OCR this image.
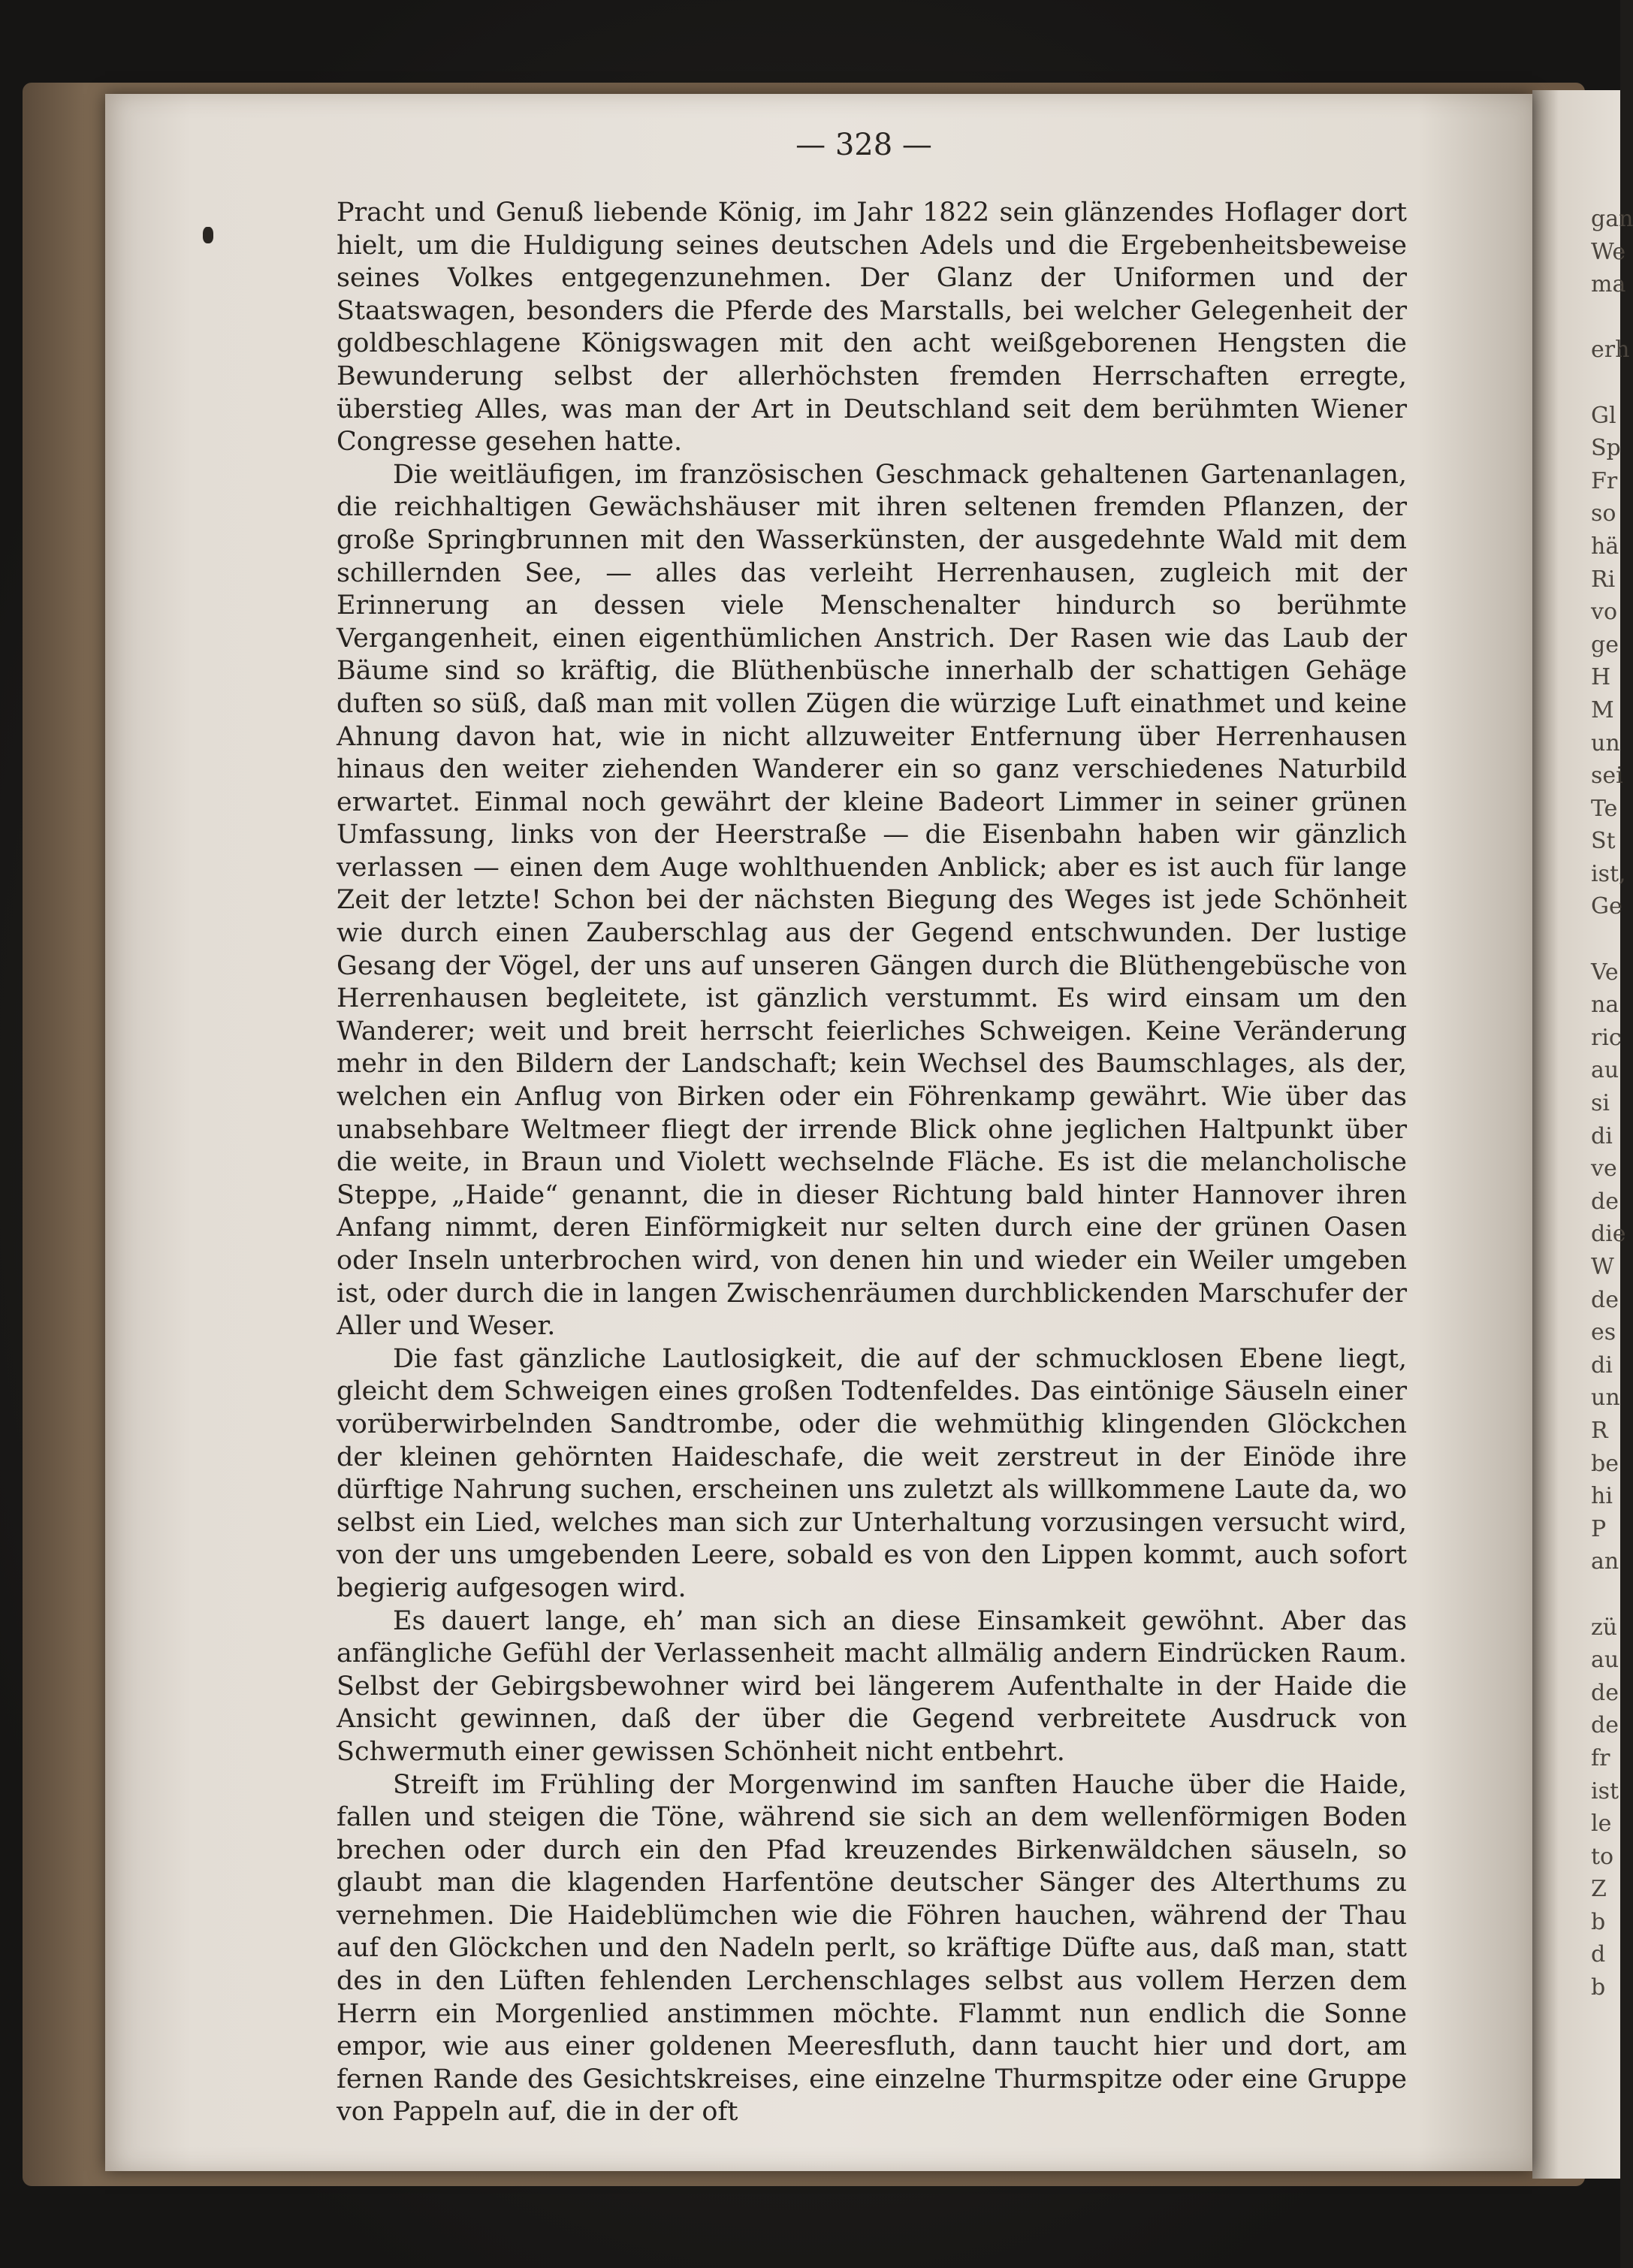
gan
We
ma
erh
Gl
Sp
Fr
so
hä
Ri
vo
ge
H
M
un
sei
Te
St
ist,
Ge
Ve
na
ric
au
si
di
ve
de
die
W
de
es
di
un
R
be
hi
P
an
zü
au
de
de
fr
ist
le
to
Z
b
d
b
— 328 —

Pracht und Genuß liebende König, im Jahr 1822 sein glänzendes Hoflager dort hielt, um die Huldigung seines deutschen Adels und die Ergebenheitsbeweise seines Volkes entgegenzunehmen. Der Glanz der Uniformen und der Staatswagen, besonders die Pferde des Marstalls, bei welcher Gelegenheit der goldbeschlagene Königswagen mit den acht weißgeborenen Hengsten die Bewunderung selbst der allerhöchsten fremden Herrschaften erregte, überstieg Alles, was man der Art in Deutschland seit dem berühmten Wiener Congresse gesehen hatte.

Die weitläufigen, im französischen Geschmack gehaltenen Gartenanlagen, die reichhaltigen Gewächshäuser mit ihren seltenen fremden Pflanzen, der große Springbrunnen mit den Wasserkünsten, der ausgedehnte Wald mit dem schillernden See, — alles das verleiht Herrenhausen, zugleich mit der Erinnerung an dessen viele Menschenalter hindurch so berühmte Vergangenheit, einen eigenthümlichen Anstrich. Der Rasen wie das Laub der Bäume sind so kräftig, die Blüthenbüsche innerhalb der schattigen Gehäge duften so süß, daß man mit vollen Zügen die würzige Luft einathmet und keine Ahnung davon hat, wie in nicht allzuweiter Entfernung über Herrenhausen hinaus den weiter ziehenden Wanderer ein so ganz verschiedenes Naturbild erwartet. Einmal noch gewährt der kleine Badeort Limmer in seiner grünen Umfassung, links von der Heerstraße — die Eisenbahn haben wir gänzlich verlassen — einen dem Auge wohlthuenden Anblick; aber es ist auch für lange Zeit der letzte! Schon bei der nächsten Biegung des Weges ist jede Schönheit wie durch einen Zauberschlag aus der Gegend entschwunden. Der lustige Gesang der Vögel, der uns auf unseren Gängen durch die Blüthengebüsche von Herrenhausen begleitete, ist gänzlich verstummt. Es wird einsam um den Wanderer; weit und breit herrscht feierliches Schweigen. Keine Veränderung mehr in den Bildern der Landschaft; kein Wechsel des Baumschlages, als der, welchen ein Anflug von Birken oder ein Föhrenkamp gewährt. Wie über das unabsehbare Weltmeer fliegt der irrende Blick ohne jeglichen Haltpunkt über die weite, in Braun und Violett wechselnde Fläche. Es ist die melancholische Steppe, „Haide“ genannt, die in dieser Richtung bald hinter Hannover ihren Anfang nimmt, deren Einförmigkeit nur selten durch eine der grünen Oasen oder Inseln unterbrochen wird, von denen hin und wieder ein Weiler umgeben ist, oder durch die in langen Zwischenräumen durchblickenden Marschufer der Aller und Weser.

Die fast gänzliche Lautlosigkeit, die auf der schmucklosen Ebene liegt, gleicht dem Schweigen eines großen Todtenfeldes. Das eintönige Säuseln einer vorüberwirbelnden Sandtrombe, oder die wehmüthig klingenden Glöckchen der kleinen gehörnten Haideschafe, die weit zerstreut in der Einöde ihre dürftige Nahrung suchen, erscheinen uns zuletzt als willkommene Laute da, wo selbst ein Lied, welches man sich zur Unterhaltung vorzusingen versucht wird, von der uns umgebenden Leere, sobald es von den Lippen kommt, auch sofort begierig aufgesogen wird.

Es dauert lange, eh’ man sich an diese Einsamkeit gewöhnt. Aber das anfängliche Gefühl der Verlassenheit macht allmälig andern Eindrücken Raum. Selbst der Gebirgsbewohner wird bei längerem Aufenthalte in der Haide die Ansicht gewinnen, daß der über die Gegend verbreitete Ausdruck von Schwermuth einer gewissen Schönheit nicht entbehrt.

Streift im Frühling der Morgenwind im sanften Hauche über die Haide, fallen und steigen die Töne, während sie sich an dem wellenförmigen Boden brechen oder durch ein den Pfad kreuzendes Birkenwäldchen säuseln, so glaubt man die klagenden Harfentöne deutscher Sänger des Alterthums zu vernehmen. Die Haideblümchen wie die Föhren hauchen, während der Thau auf den Glöckchen und den Nadeln perlt, so kräftige Düfte aus, daß man, statt des in den Lüften fehlenden Lerchenschlages selbst aus vollem Herzen dem Herrn ein Morgenlied anstimmen möchte. Flammt nun endlich die Sonne empor, wie aus einer goldenen Meeresfluth, dann taucht hier und dort, am fernen Rande des Gesichtskreises, eine einzelne Thurmspitze oder eine Gruppe von Pappeln auf, die in der oft
